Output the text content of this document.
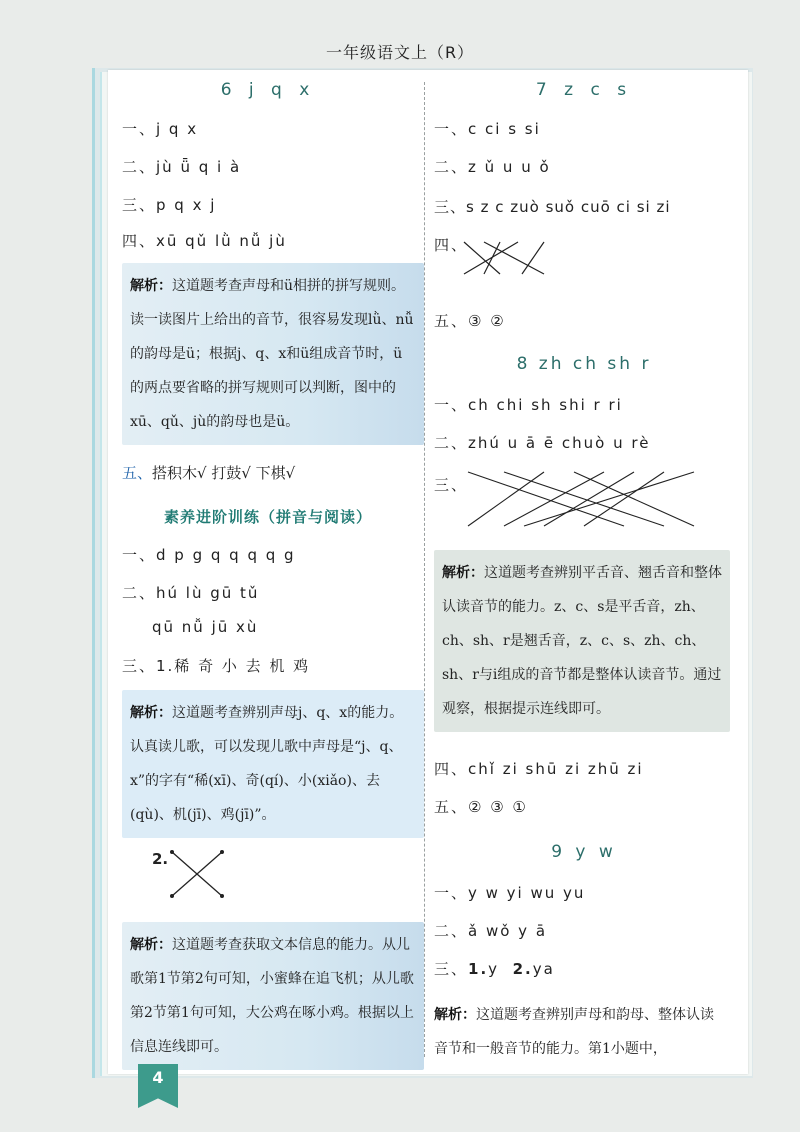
一年级语文上（R）
6 j q x
一、j q x
二、jù ǖ q i à
三、p q x j
四、xū qǔ lǜ nǚ jù
解析：这道题考查声母和ü相拼的拼写规则。读一读图片上给出的音节，很容易发现lǜ、nǚ的韵母是ü；根据j、q、x和ü组成音节时，ü的两点要省略的拼写规则可以判断，图中的xū、qǔ、jù的韵母也是ü。
五、搭积木√ 打鼓√ 下棋√
素养进阶训练（拼音与阅读）
一、d p g q q q q g
二、hú lù gū tǔ
qū nǚ jū xù
三、1.稀 奇 小 去 机 鸡
解析：这道题考查辨别声母j、q、x的能力。认真读儿歌，可以发现儿歌中声母是“j、q、x”的字有“稀(xī)、奇(qí)、小(xiǎo)、去(qù)、机(jī)、鸡(jī)”。
2.
解析：这道题考查获取文本信息的能力。从儿歌第1节第2句可知，小蜜蜂在追飞机；从儿歌第2节第1句可知，大公鸡在啄小鸡。根据以上信息连线即可。
7 z c s
一、c ci s si
二、z ǔ u u ǒ
三、s z c zuò suǒ cuō ci si zi
四、
五、③ ②
8 zh ch sh r
一、ch chi sh shi r ri
二、zhú u ā ē chuò u rè
三、
解析：这道题考查辨别平舌音、翘舌音和整体认读音节的能力。z、c、s是平舌音，zh、ch、sh、r是翘舌音，z、c、s、zh、ch、sh、r与i组成的音节都是整体认读音节。通过观察，根据提示连线即可。
四、chǐ zi shū zi zhū zi
五、② ③ ①
9 y w
一、y w yi wu yu
二、ǎ wǒ y ā
三、1.y 2.ya
解析：这道题考查辨别声母和韵母、整体认读音节和一般音节的能力。第1小题中，
4
